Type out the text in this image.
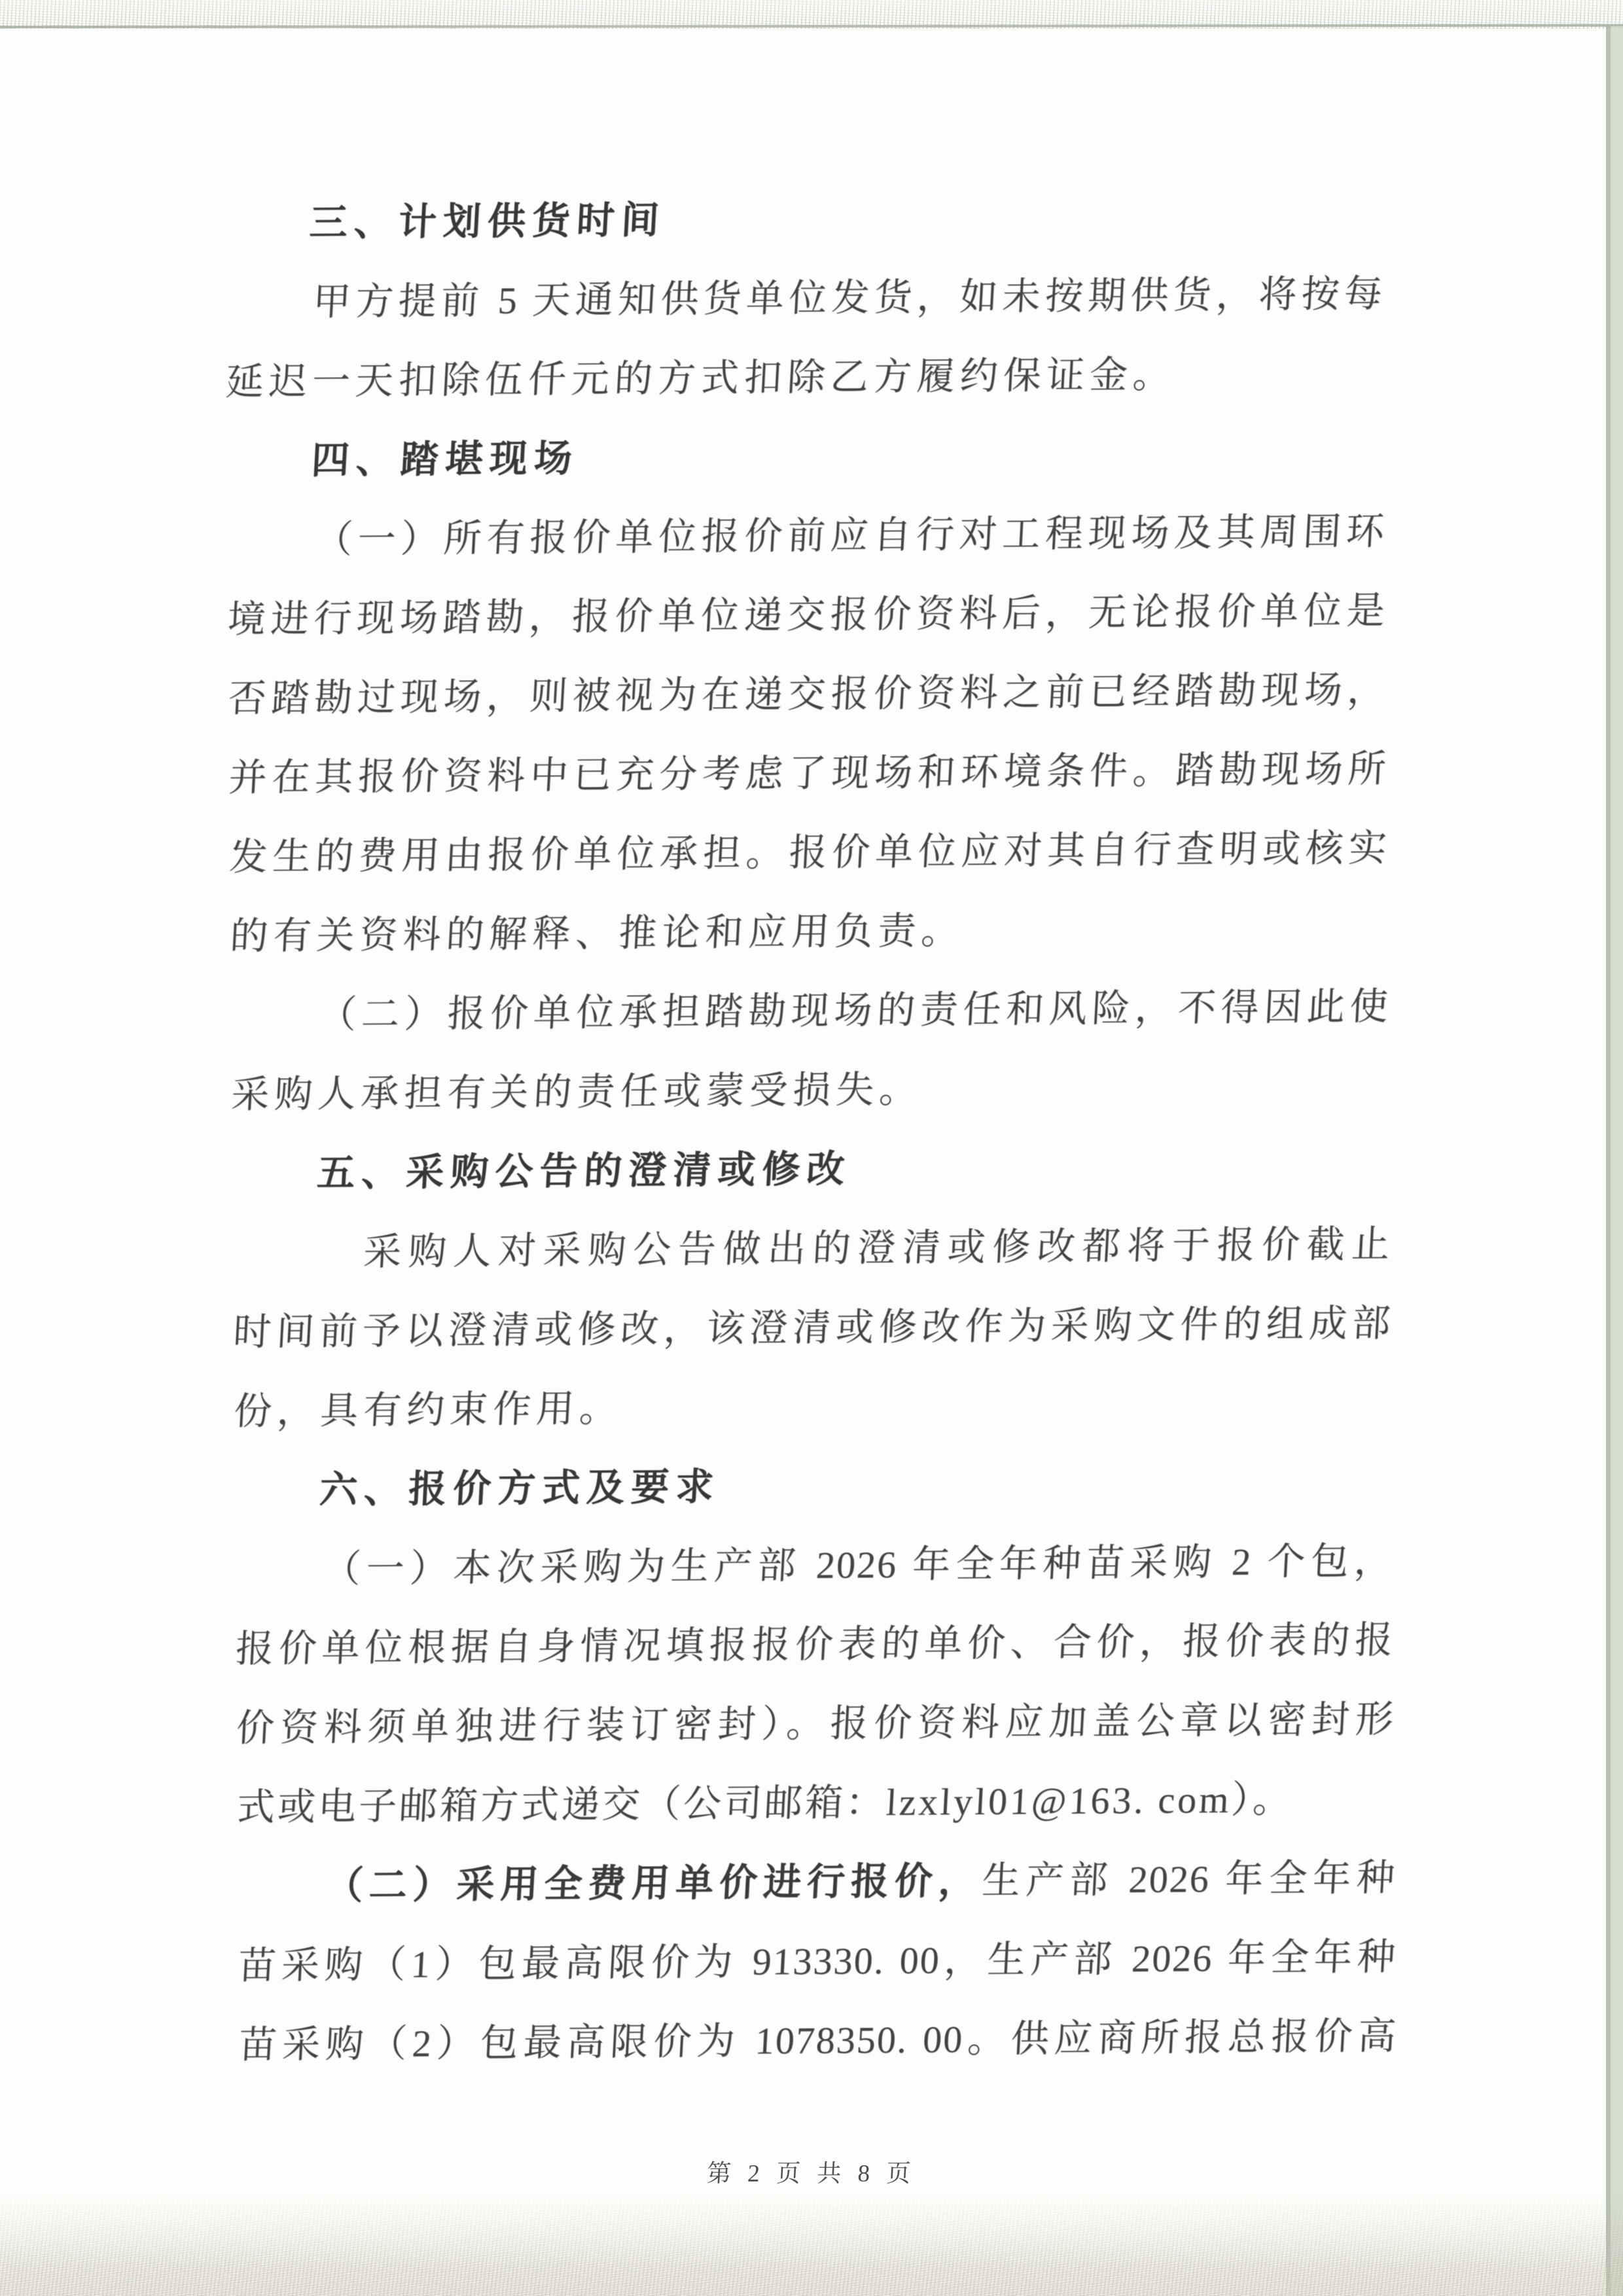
三、计划供货时间
甲方提前 5 天通知供货单位发货，如未按期供货，将按每
延迟一天扣除伍仟元的方式扣除乙方履约保证金。
四、踏堪现场
（一）所有报价单位报价前应自行对工程现场及其周围环
境进行现场踏勘，报价单位递交报价资料后，无论报价单位是
否踏勘过现场，则被视为在递交报价资料之前已经踏勘现场，
并在其报价资料中已充分考虑了现场和环境条件。踏勘现场所
发生的费用由报价单位承担。报价单位应对其自行查明或核实
的有关资料的解释、推论和应用负责。
（二）报价单位承担踏勘现场的责任和风险，不得因此使
采购人承担有关的责任或蒙受损失。
五、采购公告的澄清或修改
采购人对采购公告做出的澄清或修改都将于报价截止
时间前予以澄清或修改，该澄清或修改作为采购文件的组成部
份，具有约束作用。
六、报价方式及要求
（一）本次采购为生产部 2026 年全年种苗采购 2 个包，
报价单位根据自身情况填报报价表的单价、合价，报价表的报
价资料须单独进行装订密封）。报价资料应加盖公章以密封形
式或电子邮箱方式递交（公司邮箱：lzxlyl01@163. com）。
（二）采用全费用单价进行报价，生产部 2026 年全年种
苗采购（1）包最高限价为 913330. 00，生产部 2026 年全年种
苗采购（2）包最高限价为 1078350. 00。供应商所报总报价高
第 2 页 共 8 页
